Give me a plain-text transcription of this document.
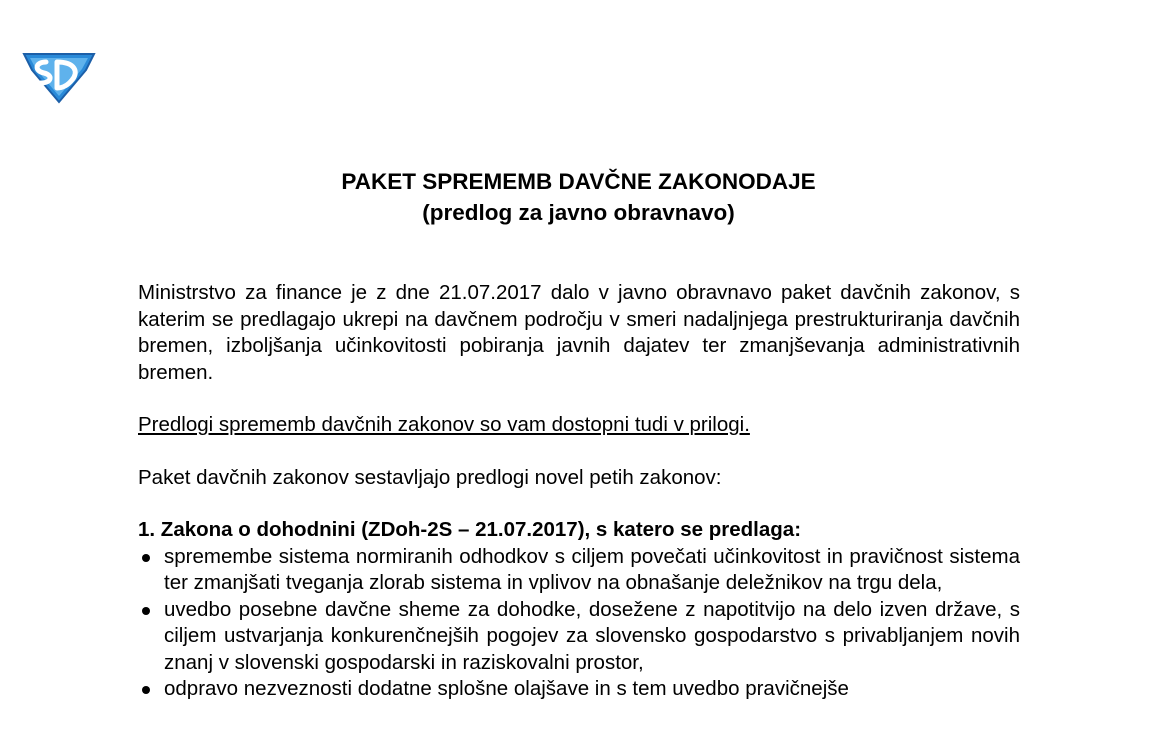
PAKET SPREMEMB DAVČNE ZAKONODAJE
(predlog za javno obravnavo)

Ministrstvo za finance je z dne 21.07.2017 dalo v javno obravnavo paket davčnih zakonov, s katerim se predlagajo ukrepi na davčnem področju v smeri nadaljnjega prestrukturiranja davčnih bremen, izboljšanja učinkovitosti pobiranja javnih dajatev ter zmanjševanja administrativnih bremen.

Predlogi sprememb davčnih zakonov so vam dostopni tudi v prilogi.

Paket davčnih zakonov sestavljajo predlogi novel petih zakonov:

1. Zakona o dohodnini (ZDoh-2S – 21.07.2017), s katero se predlaga:

spremembe sistema normiranih odhodkov s ciljem povečati učinkovitost in pravičnost sistema ter zmanjšati tveganja zlorab sistema in vplivov na obnašanje deležnikov na trgu dela,
uvedbo posebne davčne sheme za dohodke, dosežene z napotitvijo na delo izven države, s ciljem ustvarjanja konkurenčnejših pogojev za slovensko gospodarstvo s privabljanjem novih znanj v slovenski gospodarski in raziskovalni prostor,
odpravo nezveznosti dodatne splošne olajšave in s tem uvedbo pravičnejše
